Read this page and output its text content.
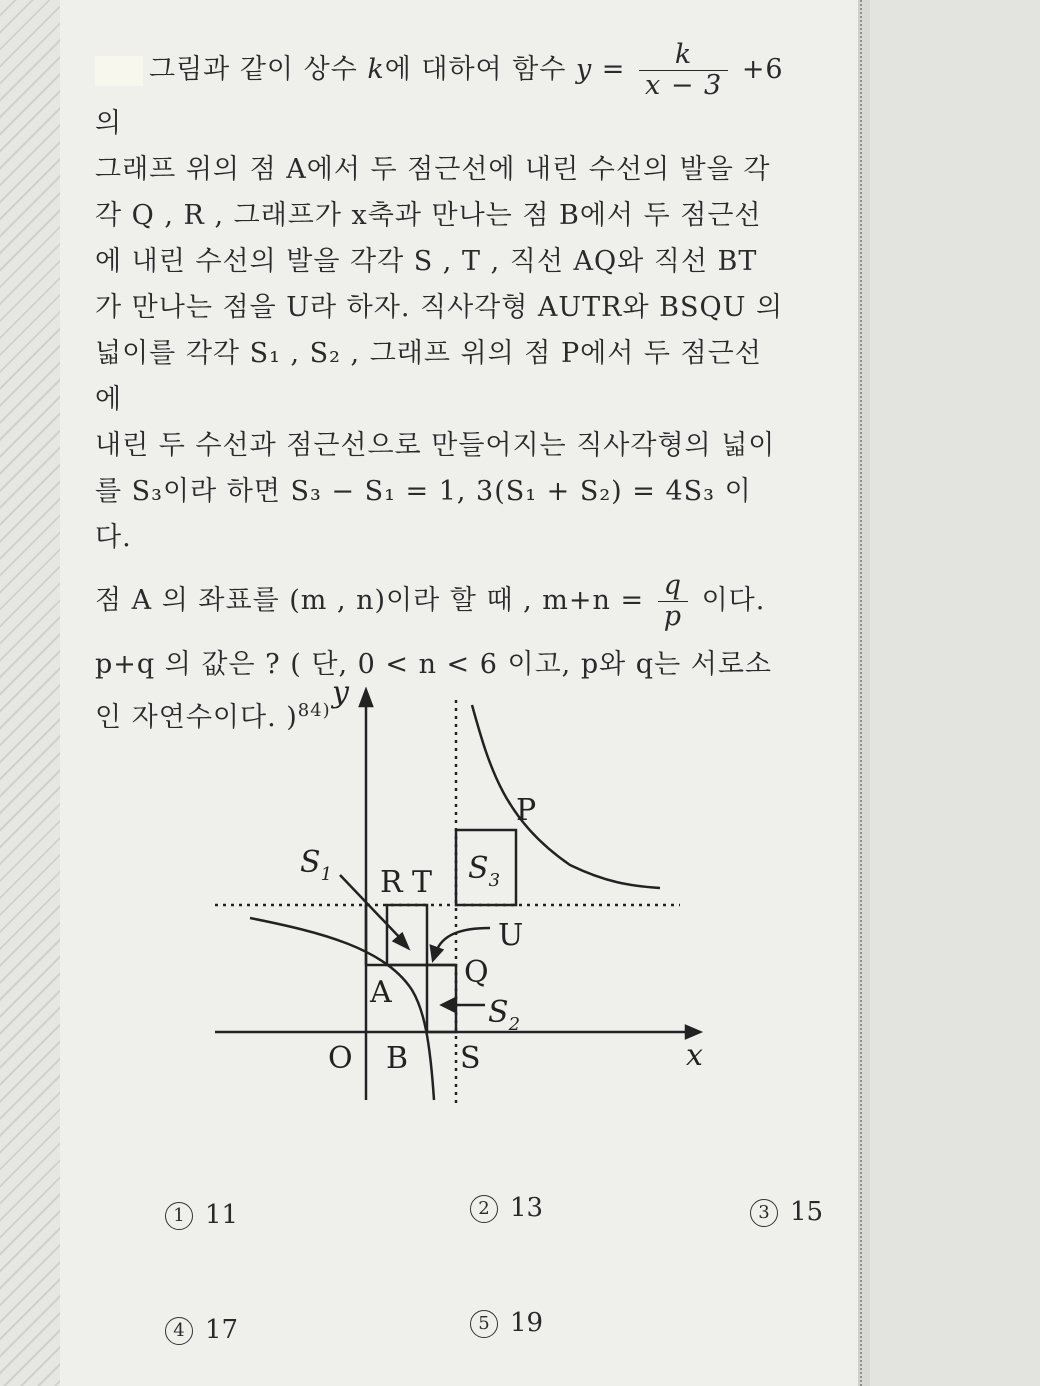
그림과 같이 상수 k에 대하여 함수 $y = \frac{k}{x - 3} +6$의

그래프 위의 점 A에서 두 점근선에 내린 수선의 발을 각

각 Q , R , 그래프가 x축과 만나는 점 B에서 두 점근선

에 내린 수선의 발을 각각 S , T , 직선 AQ와 직선 BT

가 만나는 점을 U라 하자. 직사각형 AUTR와 BSQU 의

넓이를 각각 S₁ , S₂ , 그래프 위의 점 P에서 두 점근선에

내린 두 수선과 점근선으로 만들어지는 직사각형의 넓이

를 S₃이라 하면 S₃ − S₁ = 1, 3(S₁ + S₂) = 4S₃ 이다.

점 A 의 좌표를 (m , n)이라 할 때 , $m+n = \frac{q}{p}$ 이다.

p+q 의 값은 ? ( 단, 0 < n < 6 이고, p와 q는 서로소

인 자연수이다. )$^{84)}$

y
x
O B S
A
Q
U
R T
P
$S_1$
$S_2$
$S_3$
1 11	2 13	3 15
4 17	5 19
